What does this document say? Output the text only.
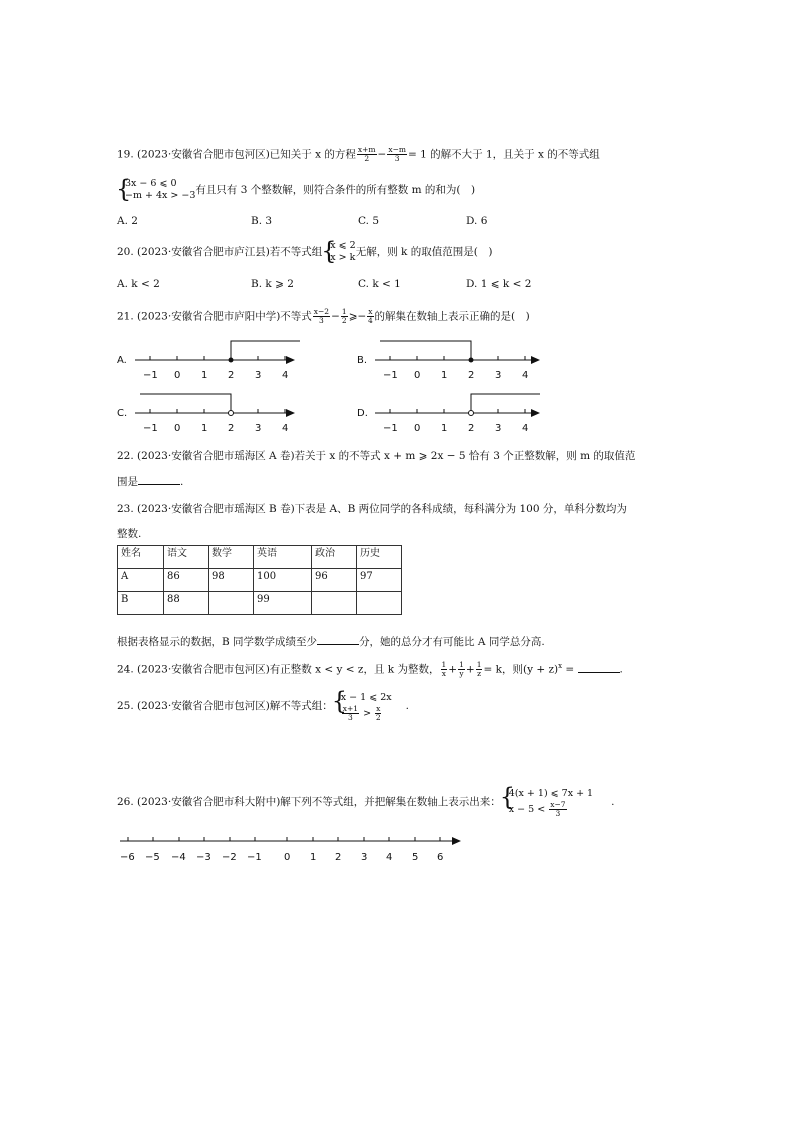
19. (2023·安徽省合肥市包河区)已知关于 x 的方程 $\frac{x+m}{2} - \frac{x-m}{3} = 1$ 的解不大于 1，且关于 x 的不等式组
{ 3x − 6 ⩽ 0
−m + 4x > −3 有且只有 3 个整数解，则符合条件的所有整数 m 的和为(　)
A. 2	B. 3	C. 5	D. 6
20. (2023·安徽省合肥市庐江县)若不等式组
{ x ⩽ 2
x > k 无解，则 k 的取值范围是(　)
A. k < 2	B. k ⩾ 2	C. k < 1	D. 1 ⩽ k < 2
21. (2023·安徽省合肥市庐阳中学)不等式 $\frac{x-2}{3} - \frac{1}{2}$ ⩾− $\frac{x}{4}$ 的解集在数轴上表示正确的是(　)
A.
−1 0 1 2 3 4
B.
−1 0 1 2 3 4
C.
−1 0 1 2 3 4
D.
−1 0 1 2 3 4
22. (2023·安徽省合肥市瑶海区 A 卷)若关于 x 的不等式 x + m ⩾ 2x − 5 恰有 3 个正整数解，则 m 的取值范
围是	.
23. (2023·安徽省合肥市瑶海区 B 卷)下表是 A、B 两位同学的各科成绩，每科满分为 100 分，单科分数均为
整数.
姓名	语文	数学	英语	政治	历史
A	86	98	100	96	97
B	88		99		
根据表格显示的数据，B 同学数学成绩至少	分，她的总分才有可能比 A 同学总分高.
24. (2023·安徽省合肥市包河区)有正整数 x < y < z，且 k 为整数， $\frac{1}{x} + \frac{1}{y} + \frac{1}{z} = k$，则$(y + z)^x$ =	.
25. (2023·安徽省合肥市包河区)解不等式组：
{ x − 1 ⩽ 2x
$\frac{x+1}{3} > \frac{x}{2}$ .
26. (2023·安徽省合肥市科大附中)解下列不等式组，并把解集在数轴上表示出来：
{ 4(x + 1) ⩽ 7x + 1
$x - 5 < \frac{x-7}{3}$	.
−6 −5 −4 −3 −2 −1 0 1 2 3 4 5 6
